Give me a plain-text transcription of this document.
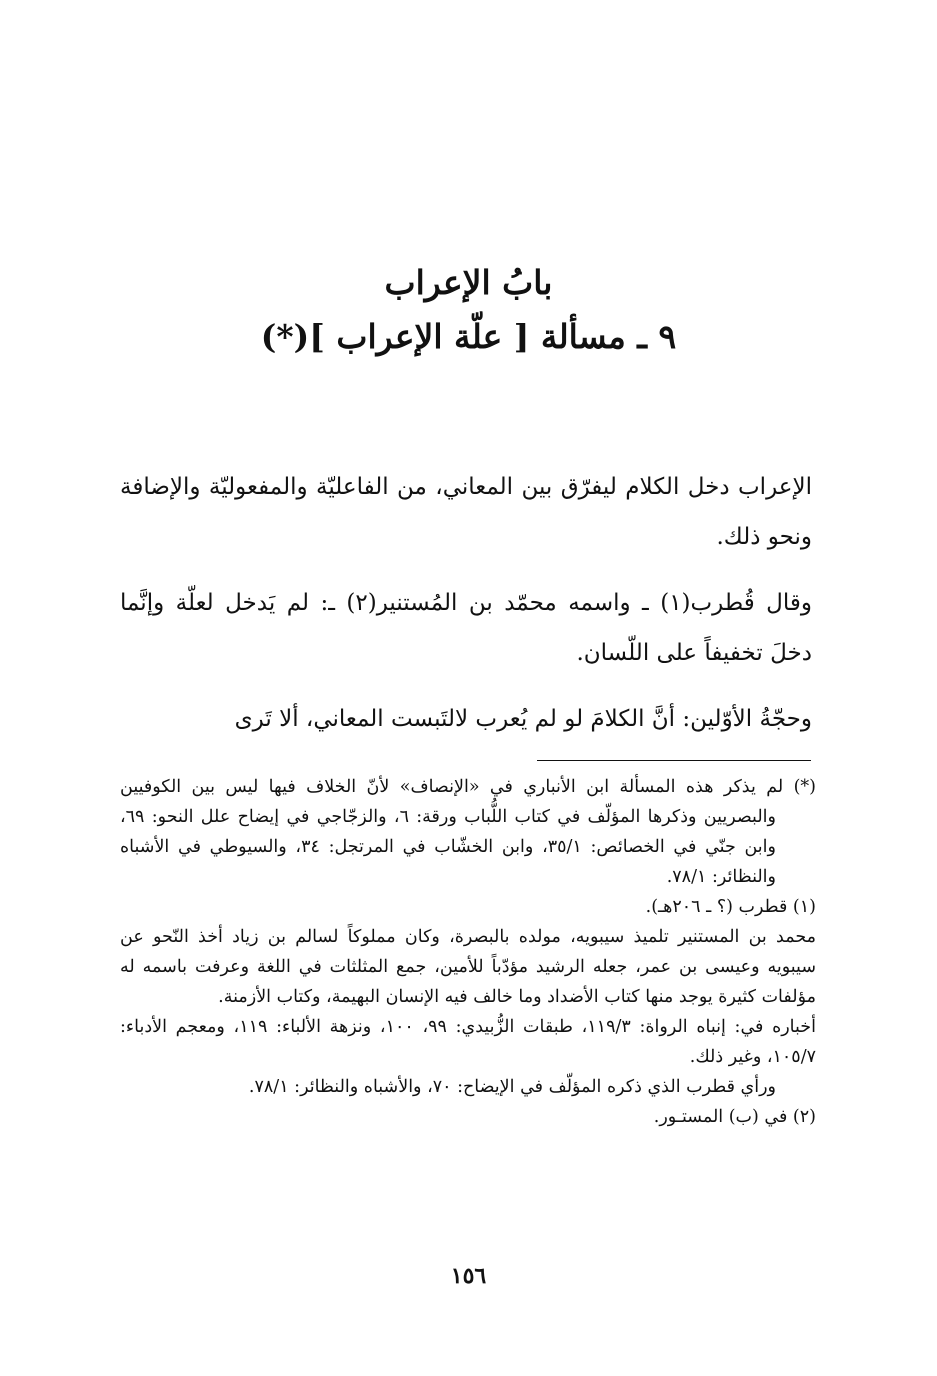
بابُ الإعراب
٩ ـ مسألة [ علّة الإعراب ](*)

الإعراب دخل الكلام ليفرّق بين المعاني، من الفاعليّة والمفعوليّة والإضافة ونحو ذلك.

وقال قُطرب(١) ـ واسمه محمّد بن المُستنير(٢) ـ: لم يَدخل لعلّة وإنَّما دخلَ تخفيفاً على اللّسان.

وحجّةُ الأوّلين: أنَّ الكلامَ لو لم يُعرب لالتَبست المعاني، ألا تَرى

(*) لم يذكر هذه المسألة ابن الأنباري في «الإنصاف» لأنّ الخلاف فيها ليس بين الكوفيين والبصريين وذكرها المؤلّف في كتاب اللُّباب ورقة: ٦، والزجّاجي في إيضاح علل النحو: ٦٩، وابن جنّي في الخصائص: ٣٥/١، وابن الخشّاب في المرتجل: ٣٤، والسيوطي في الأشباه والنظائر: ٧٨/١.

(١) قطرب (؟ ـ ٢٠٦هـ).

محمد بن المستنير تلميذ سيبويه، مولده بالبصرة، وكان مملوكاً لسالم بن زياد أخذ النّحو عن سيبويه وعيسى بن عمر، جعله الرشيد مؤدّباً للأمين، جمع المثلثات في اللغة وعرفت باسمه له مؤلفات كثيرة يوجد منها كتاب الأضداد وما خالف فيه الإنسان البهيمة، وكتاب الأزمنة.

أخباره في: إنباه الرواة: ١١٩/٣، طبقات الزُّبيدي: ٩٩، ١٠٠، ونزهة الألباء: ١١٩، ومعجم الأدباء: ١٠٥/٧، وغير ذلك.

ورأي قطرب الذي ذكره المؤلّف في الإيضاح: ٧٠، والأشباه والنظائر: ٧٨/١.

(٢) في (ب) المستـور.

١٥٦
